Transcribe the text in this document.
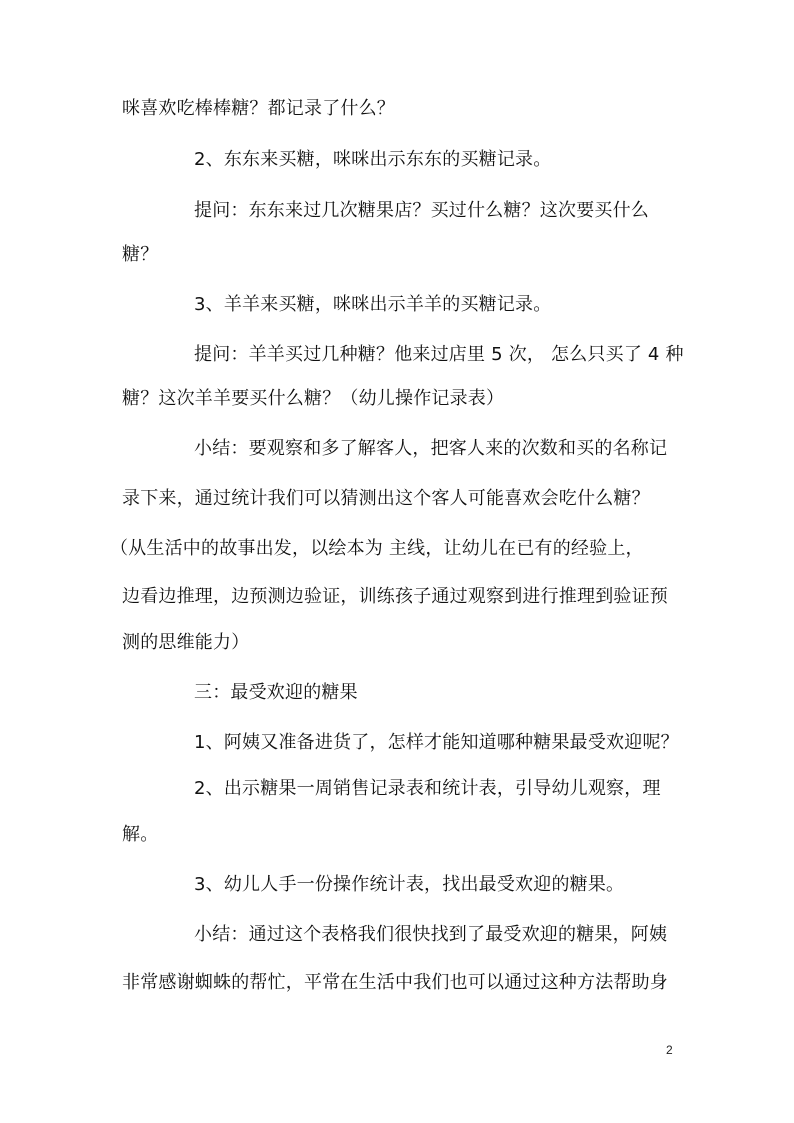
咪喜欢吃棒棒糖？都记录了什么？
2、东东来买糖，咪咪出示东东的买糖记录。
提问：东东来过几次糖果店？买过什么糖？这次要买什么
糖？
3、羊羊来买糖，咪咪出示羊羊的买糖记录。
提问：羊羊买过几种糖？他来过店里 5 次， 怎么只买了 4 种
糖？这次羊羊要买什么糖？（幼儿操作记录表）
小结：要观察和多了解客人，把客人来的次数和买的名称记
录下来，通过统计我们可以猜测出这个客人可能喜欢会吃什么糖？
（从生活中的故事出发，以绘本为 主线，让幼儿在已有的经验上，
边看边推理，边预测边验证，训练孩子通过观察到进行推理到验证预
测的思维能力）
三：最受欢迎的糖果
1、阿姨又准备进货了，怎样才能知道哪种糖果最受欢迎呢？
2、出示糖果一周销售记录表和统计表，引导幼儿观察，理
解。
3、幼儿人手一份操作统计表，找出最受欢迎的糖果。
小结：通过这个表格我们很快找到了最受欢迎的糖果，阿姨
非常感谢蜘蛛的帮忙，平常在生活中我们也可以通过这种方法帮助身
2
